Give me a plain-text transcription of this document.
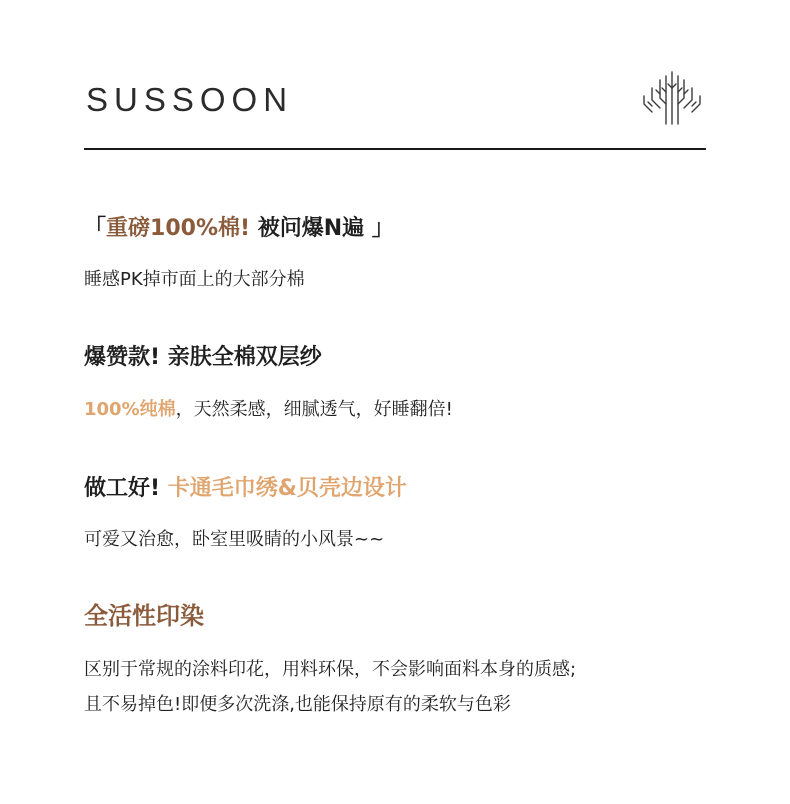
SUSSOON
「重磅100%棉! 被问爆N遍 」
睡感PK掉市面上的大部分棉
爆赞款! 亲肤全棉双层纱
100%纯棉，天然柔感，细腻透气，好睡翻倍!
做工好! 卡通毛巾绣&贝壳边设计
可爱又治愈，卧室里吸睛的小风景~~
全活性印染
区别于常规的涂料印花，用料环保，不会影响面料本身的质感;
且不易掉色!即便多次洗涤,也能保持原有的柔软与色彩
